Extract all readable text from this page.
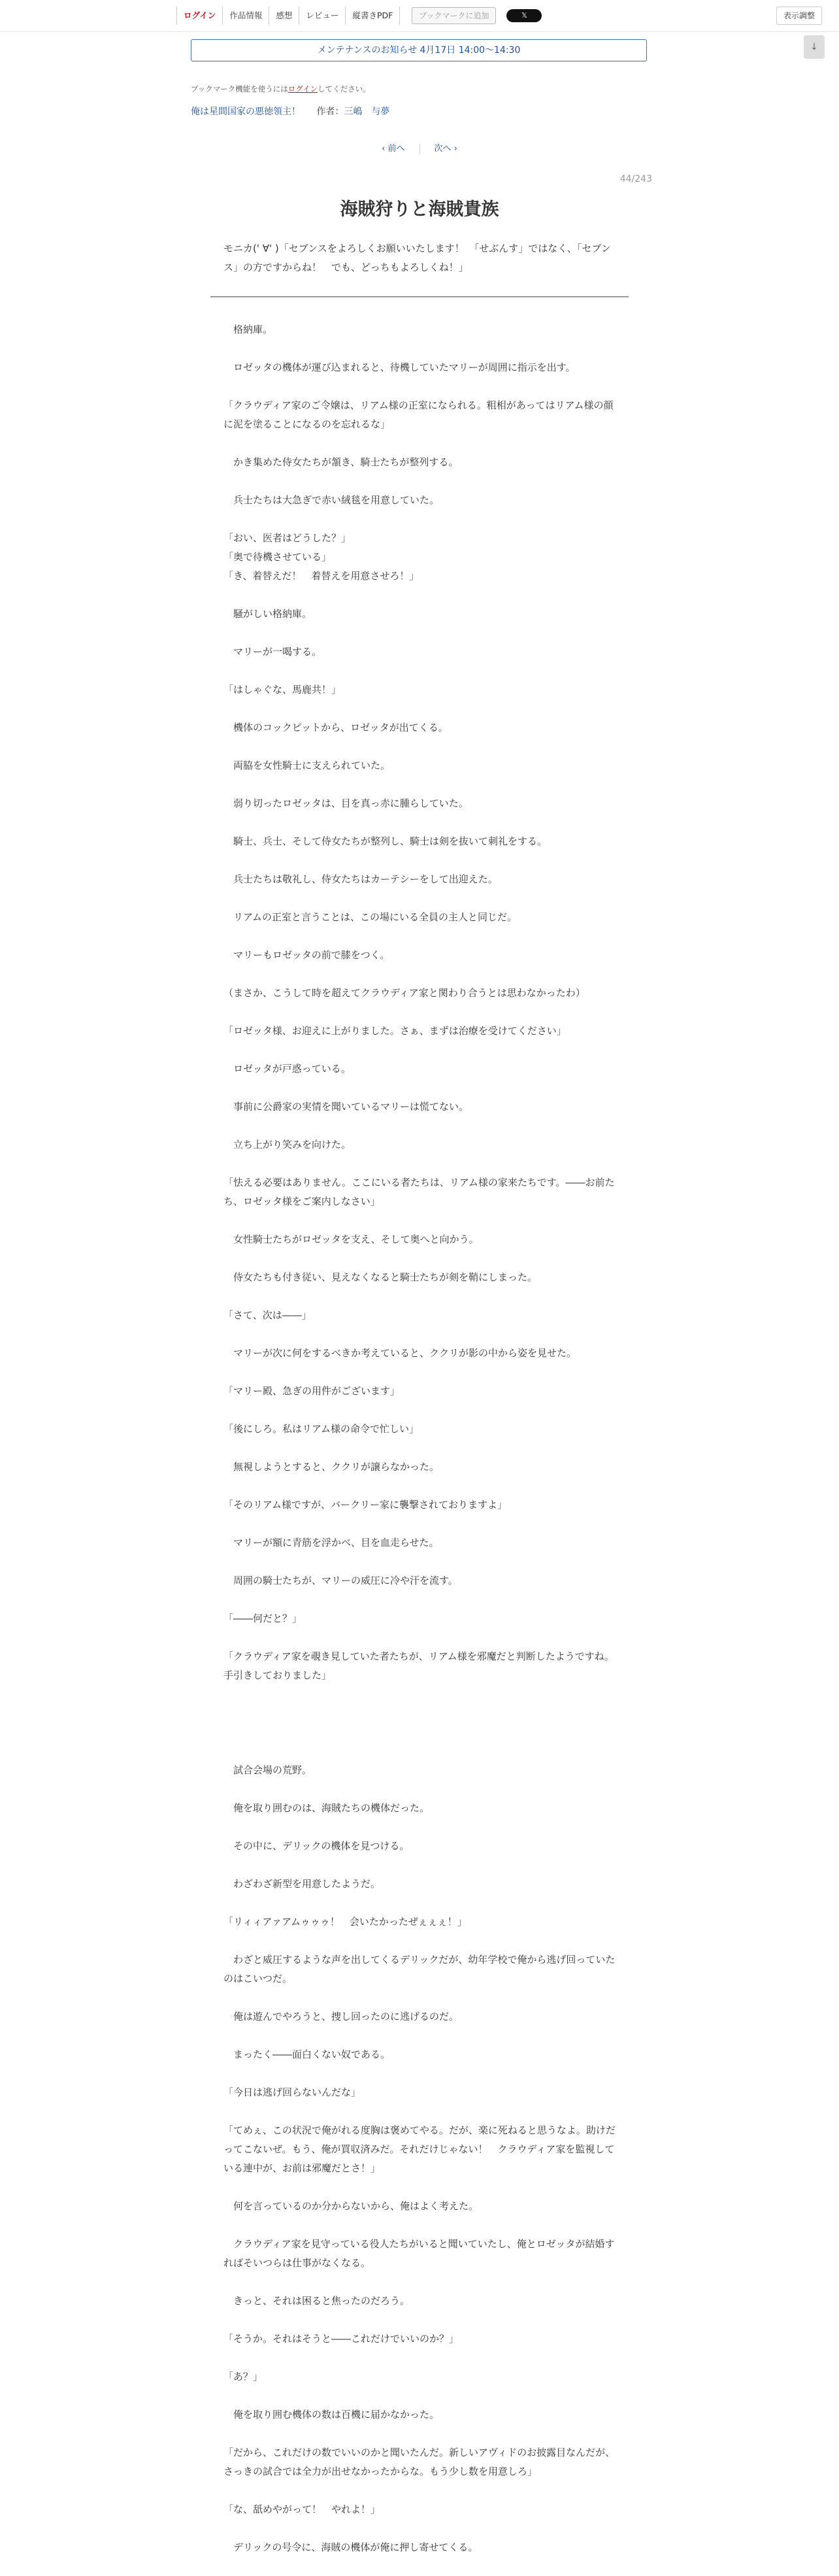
ログイン	作品情報	感想	レビュー	縦書きPDF	ブックマークに追加	𝕏	表示調整
↓
メンテナンスのお知らせ 4月17日 14:00～14:30
ブックマーク機能を使うにはログインしてください。
俺は星間国家の悪徳領主！ 作者：三嶋　与夢
‹ 前へ	次へ ›
44/243
海賊狩りと海賊貴族
モニカ(' ∀' )「セブンスをよろしくお願いいたします！　「せぶんす」ではなく、「セブンス」の方ですからね！　でも、どっちもよろしくね！」

　格納庫。

　ロゼッタの機体が運び込まれると、待機していたマリーが周囲に指示を出す。

「クラウディア家のご令嬢は、リアム様の正室になられる。粗相があってはリアム様の顔に泥を塗ることになるのを忘れるな」

　かき集めた侍女たちが頷き、騎士たちが整列する。

　兵士たちは大急ぎで赤い絨毯を用意していた。

「おい、医者はどうした？」
「奥で待機させている」
「き、着替えだ！　着替えを用意させろ！」

　騒がしい格納庫。

　マリーが一喝する。

「はしゃぐな、馬鹿共！」

　機体のコックピットから、ロゼッタが出てくる。

　両脇を女性騎士に支えられていた。

　弱り切ったロゼッタは、目を真っ赤に腫らしていた。

　騎士、兵士、そして侍女たちが整列し、騎士は剣を抜いて刺礼をする。

　兵士たちは敬礼し、侍女たちはカーテシーをして出迎えた。

　リアムの正室と言うことは、この場にいる全員の主人と同じだ。

　マリーもロゼッタの前で膝をつく。

（まさか、こうして時を超えてクラウディア家と関わり合うとは思わなかったわ）

「ロゼッタ様、お迎えに上がりました。さぁ、まずは治療を受けてください」

　ロゼッタが戸惑っている。

　事前に公爵家の実情を聞いているマリーは慌てない。

　立ち上がり笑みを向けた。

「怯える必要はありません。ここにいる者たちは、リアム様の家来たちです。――お前たち、ロゼッタ様をご案内しなさい」

　女性騎士たちがロゼッタを支え、そして奥へと向かう。

　侍女たちも付き従い、見えなくなると騎士たちが剣を鞘にしまった。

「さて、次は――」

　マリーが次に何をするべきか考えていると、ククリが影の中から姿を見せた。

「マリー殿、急ぎの用件がございます」

「後にしろ。私はリアム様の命令で忙しい」

　無視しようとすると、ククリが譲らなかった。

「そのリアム様ですが、バークリー家に襲撃されておりますよ」

　マリーが額に青筋を浮かべ、目を血走らせた。

　周囲の騎士たちが、マリーの威圧に冷や汗を流す。

「――何だと？」

「クラウディア家を覗き見していた者たちが、リアム様を邪魔だと判断したようですね。手引きしておりました」

　試合会場の荒野。

　俺を取り囲むのは、海賊たちの機体だった。

　その中に、デリックの機体を見つける。

　わざわざ新型を用意したようだ。

「リィィアァアムゥゥゥ！　会いたかったぜぇぇぇ！」

　わざと威圧するような声を出してくるデリックだが、幼年学校で俺から逃げ回っていたのはこいつだ。

　俺は遊んでやろうと、捜し回ったのに逃げるのだ。

　まったく――面白くない奴である。

「今日は逃げ回らないんだな」

「てめぇ、この状況で俺がれる度胸は褒めてやる。だが、楽に死ねると思うなよ。助けだってこないぜ。もう、俺が買収済みだ。それだけじゃない！　クラウディア家を監視している連中が、お前は邪魔だとさ！」

　何を言っているのか分からないから、俺はよく考えた。

　クラウディア家を見守っている役人たちがいると聞いていたし、俺とロゼッタが結婚すればそいつらは仕事がなくなる。

　きっと、それは困ると焦ったのだろう。

「そうか。それはそうと――これだけでいいのか？」

「あ？」

　俺を取り囲む機体の数は百機に届かなかった。

「だから、これだけの数でいいのかと聞いたんだ。新しいアヴィドのお披露目なんだが、さっきの試合では全力が出せなかったからな。もう少し数を用意しろ」

「な、舐めやがって！　やれよ！」

　デリックの号令に、海賊の機体が俺に押し寄せてくる。
